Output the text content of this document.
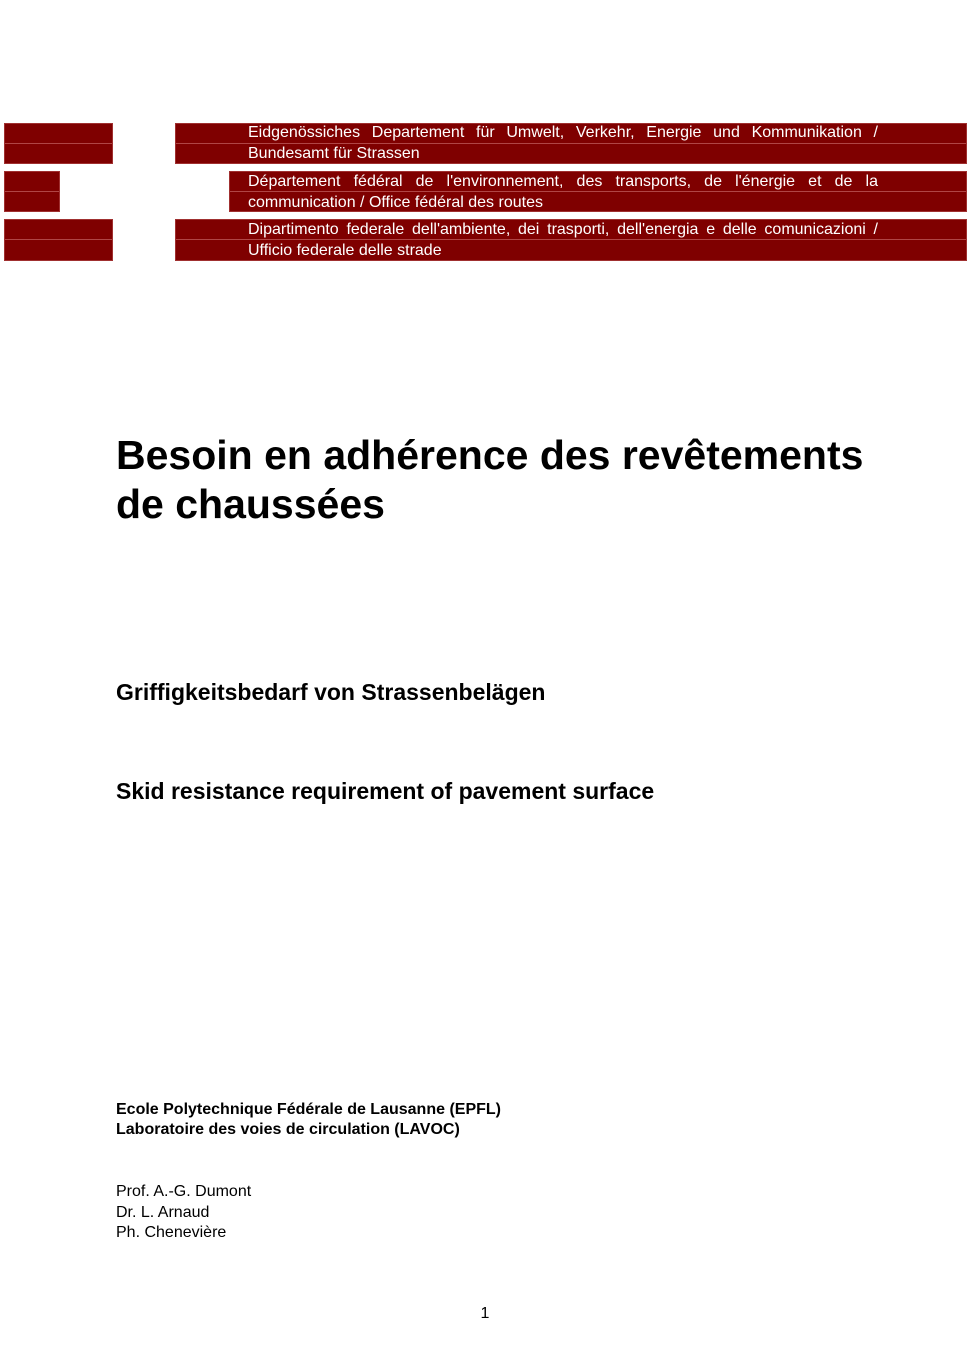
Eidgenössiches Departement für Umwelt, Verkehr, Energie und Kommunikation / Bundesamt für Strassen
Département fédéral de l'environnement, des transports, de l'énergie et de la communication / Office fédéral des routes
Dipartimento federale dell'ambiente, dei trasporti, dell'energia e delle comunicazioni / Ufficio federale delle strade
Besoin en adhérence des revêtements de chaussées
Griffigkeitsbedarf von Strassenbelägen
Skid resistance requirement of pavement surface
Ecole Polytechnique Fédérale de Lausanne (EPFL)
Laboratoire des voies de circulation (LAVOC)
Prof. A.-G. Dumont
Dr. L. Arnaud
Ph. Chenevière
1
